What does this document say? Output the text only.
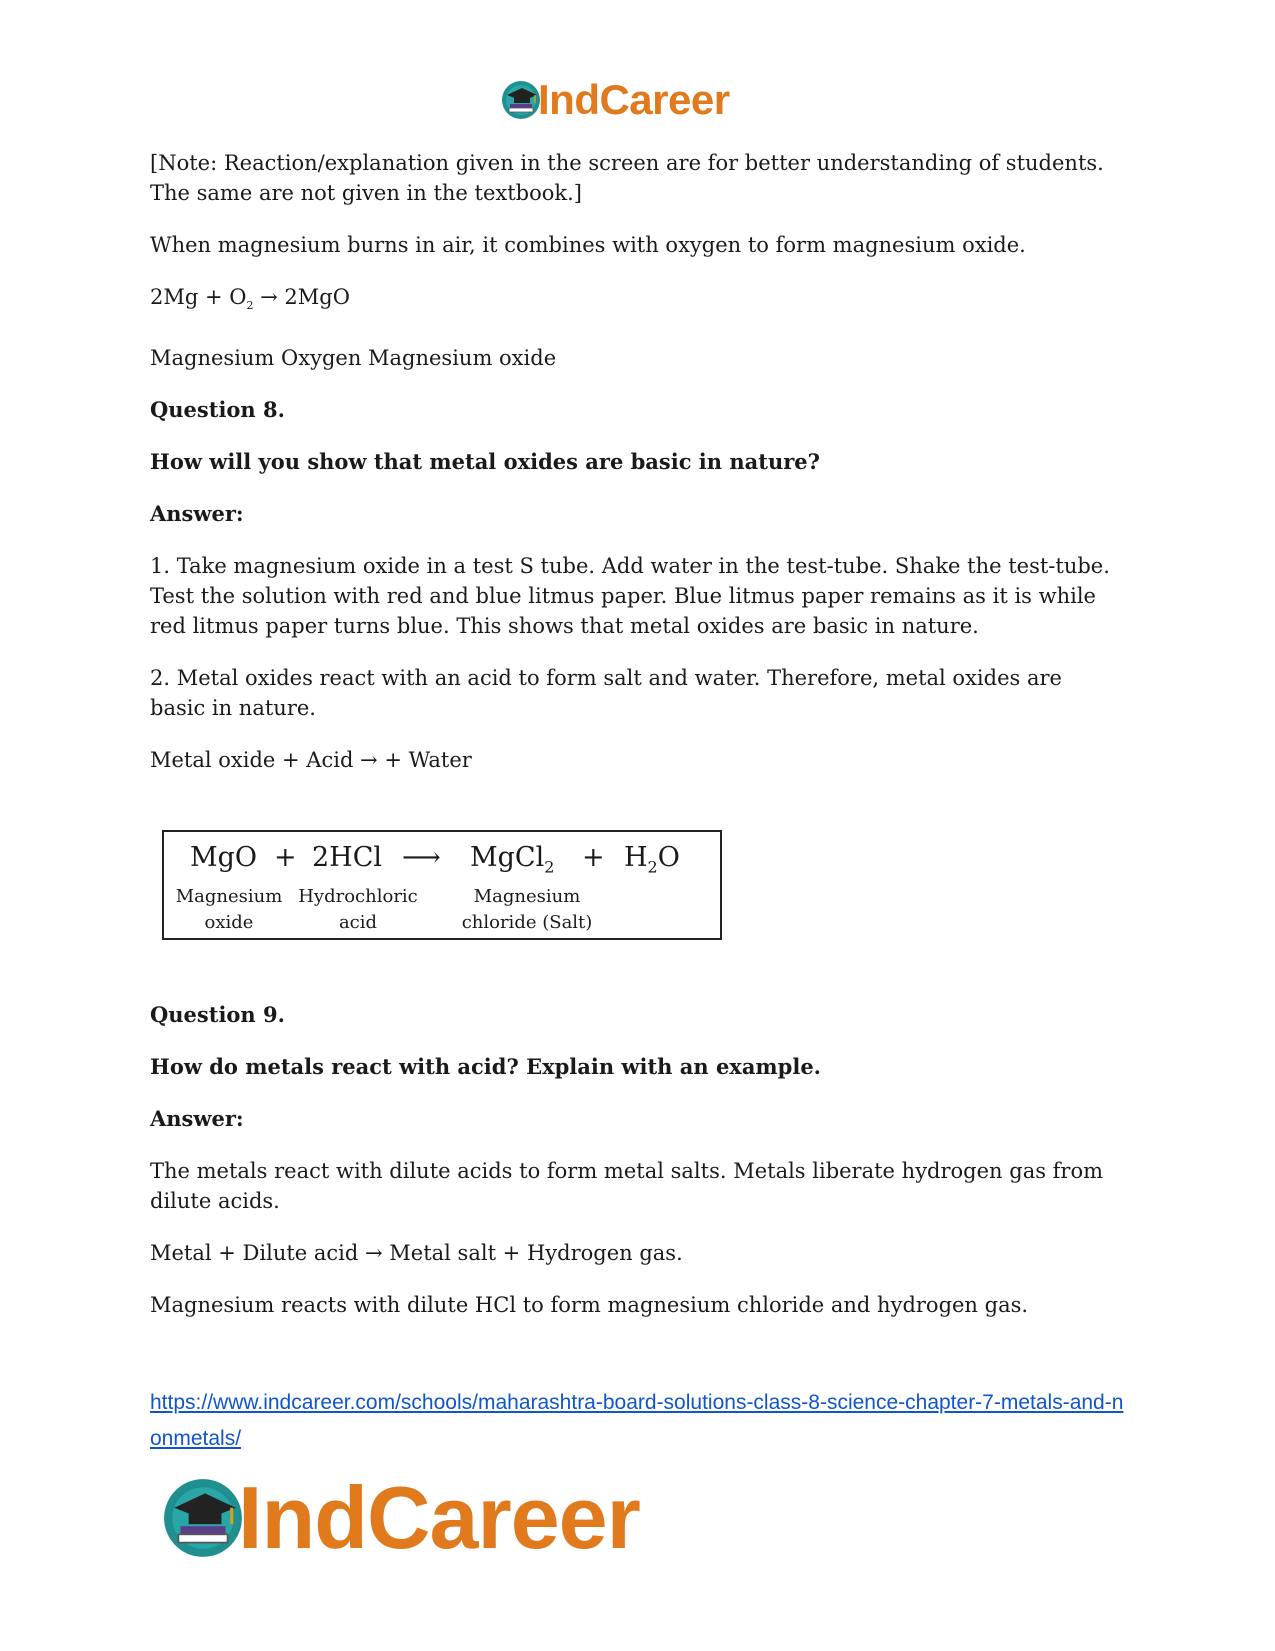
IndCareer

[Note: Reaction/explanation given in the screen are for better understanding of students. The same are not given in the textbook.]

When magnesium burns in air, it combines with oxygen to form magnesium oxide.

$2Mg + O_2 \to 2MgO$

Magnesium Oxygen Magnesium oxide

Question 8.

How will you show that metal oxides are basic in nature?

Answer:

1. Take magnesium oxide in a test S tube. Add water in the test-tube. Shake the test-tube. Test the solution with red and blue litmus paper. Blue litmus paper remains as it is while red litmus paper turns blue. This shows that metal oxides are basic in nature.

2. Metal oxides react with an acid to form salt and water. Therefore, metal oxides are basic in nature.

Metal oxide + Acid → + Water

MgO + 2HCl ⟶ MgCl$_2$ + $H_2O$
Magnesium
oxide
Hydrochloric
acid
Magnesium
chloride (Salt)

Question 9.

How do metals react with acid? Explain with an example.

Answer:

The metals react with dilute acids to form metal salts. Metals liberate hydrogen gas from dilute acids.

Metal + Dilute acid → Metal salt + Hydrogen gas.

Magnesium reacts with dilute HCl to form magnesium chloride and hydrogen gas.

https://www.indcareer.com/schools/maharashtra-board-solutions-class-8-science-chapter-7-metals-and-nonmetals/
IndCareer
